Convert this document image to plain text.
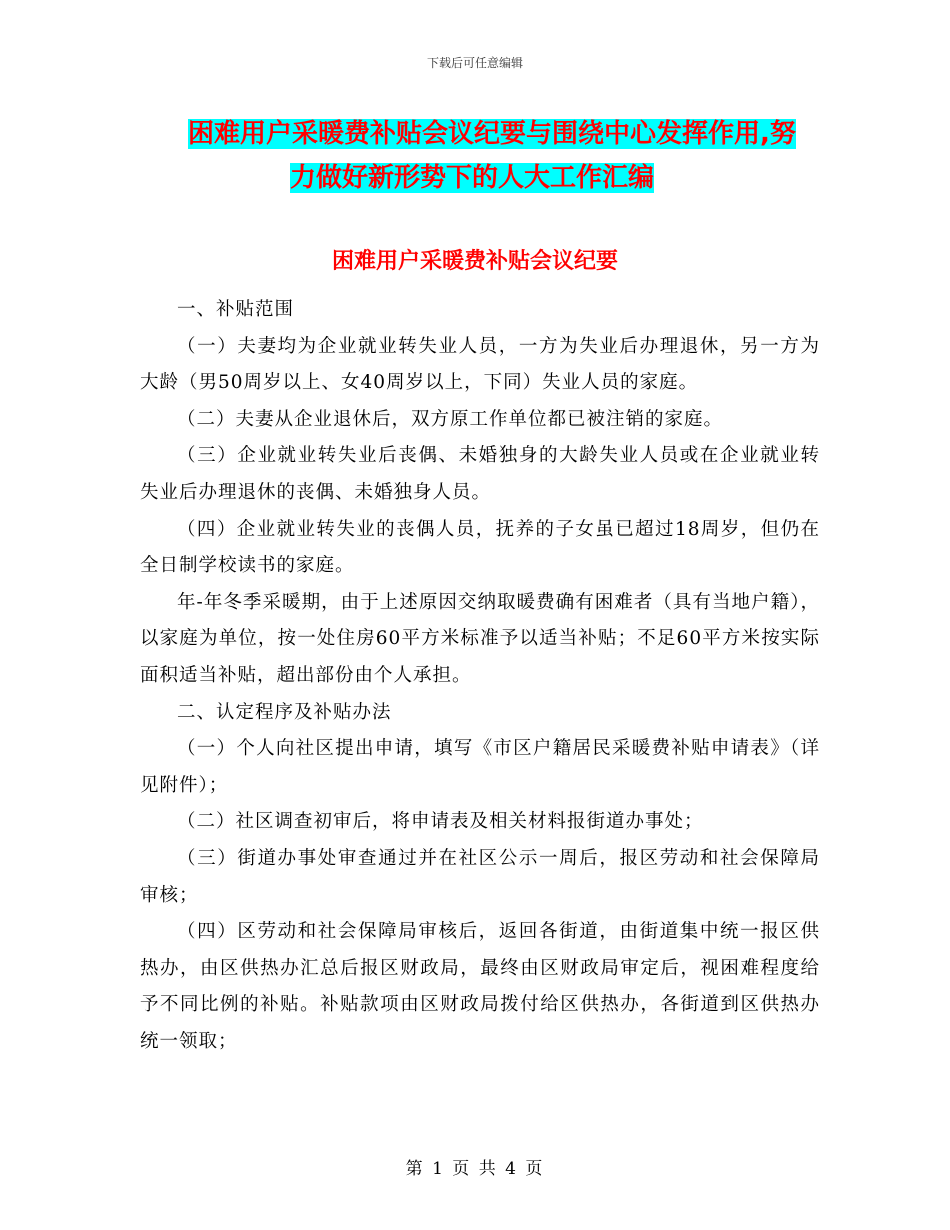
下载后可任意编辑
困难用户采暖费补贴会议纪要与围绕中心发挥作用,努
力做好新形势下的人大工作汇编
困难用户采暖费补贴会议纪要

一、补贴范围

（一）夫妻均为企业就业转失业人员，一方为失业后办理退休，另一方为大龄（男50周岁以上、女40周岁以上，下同）失业人员的家庭。

（二）夫妻从企业退休后，双方原工作单位都已被注销的家庭。

（三）企业就业转失业后丧偶、未婚独身的大龄失业人员或在企业就业转失业后办理退休的丧偶、未婚独身人员。

（四）企业就业转失业的丧偶人员，抚养的子女虽已超过18周岁，但仍在全日制学校读书的家庭。

年-年冬季采暖期，由于上述原因交纳取暖费确有困难者（具有当地户籍），以家庭为单位，按一处住房60平方米标准予以适当补贴；不足60平方米按实际面积适当补贴，超出部份由个人承担。

二、认定程序及补贴办法

（一）个人向社区提出申请，填写《市区户籍居民采暖费补贴申请表》（详见附件）；

（二）社区调查初审后，将申请表及相关材料报街道办事处；

（三）街道办事处审查通过并在社区公示一周后，报区劳动和社会保障局审核；

（四）区劳动和社会保障局审核后，返回各街道，由街道集中统一报区供热办，由区供热办汇总后报区财政局，最终由区财政局审定后，视困难程度给予不同比例的补贴。补贴款项由区财政局拨付给区供热办，各街道到区供热办统一领取；

第 1 页 共 4 页
